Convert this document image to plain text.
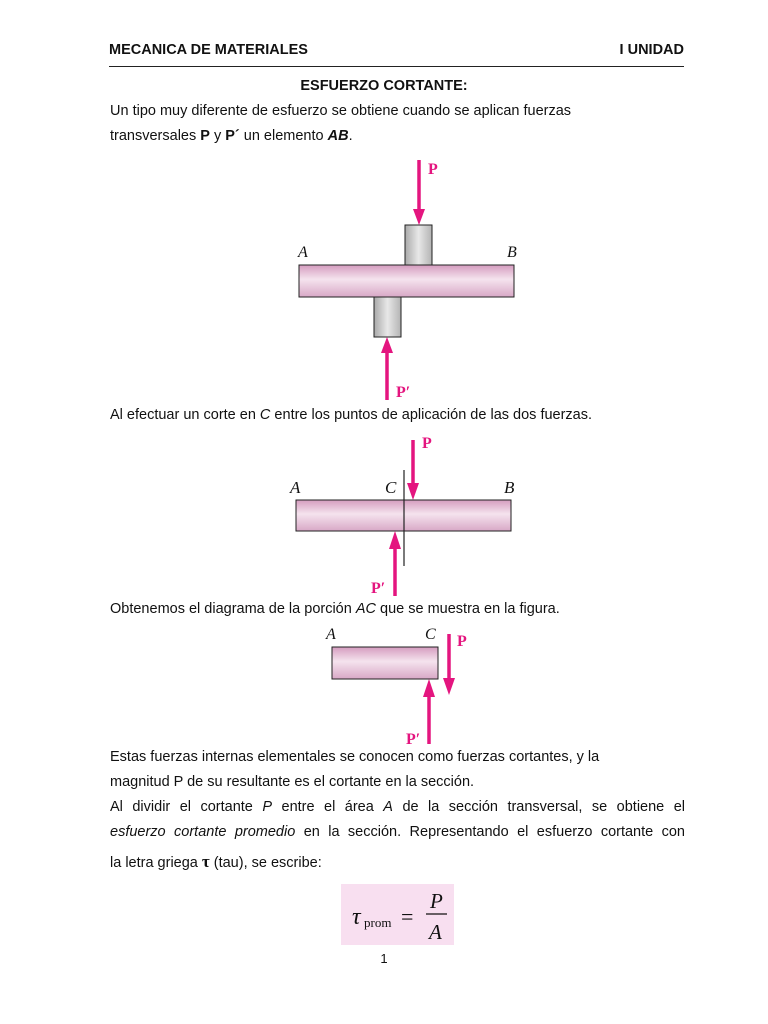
MECANICA DE MATERIALES	I UNIDAD
ESFUERZO CORTANTE:
Un tipo muy diferente de esfuerzo se obtiene cuando se aplican fuerzas
transversales P y P´ un elemento AB.
A	B
P
P′
Al efectuar un corte en C entre los puntos de aplicación de las dos fuerzas.
A	B
C
P
P′
Obtenemos el diagrama de la porción AC que se muestra en la figura.
A	C P
P′
Estas fuerzas internas elementales se conocen como fuerzas cortantes, y la
magnitud P de su resultante es el cortante en la sección.
Al dividir el cortante P entre el área A de la sección transversal, se obtiene el
esfuerzo cortante promedio en la sección. Representando el esfuerzo cortante con
la letra griega τ (tau), se escribe:
τ prom =
P
A
1
